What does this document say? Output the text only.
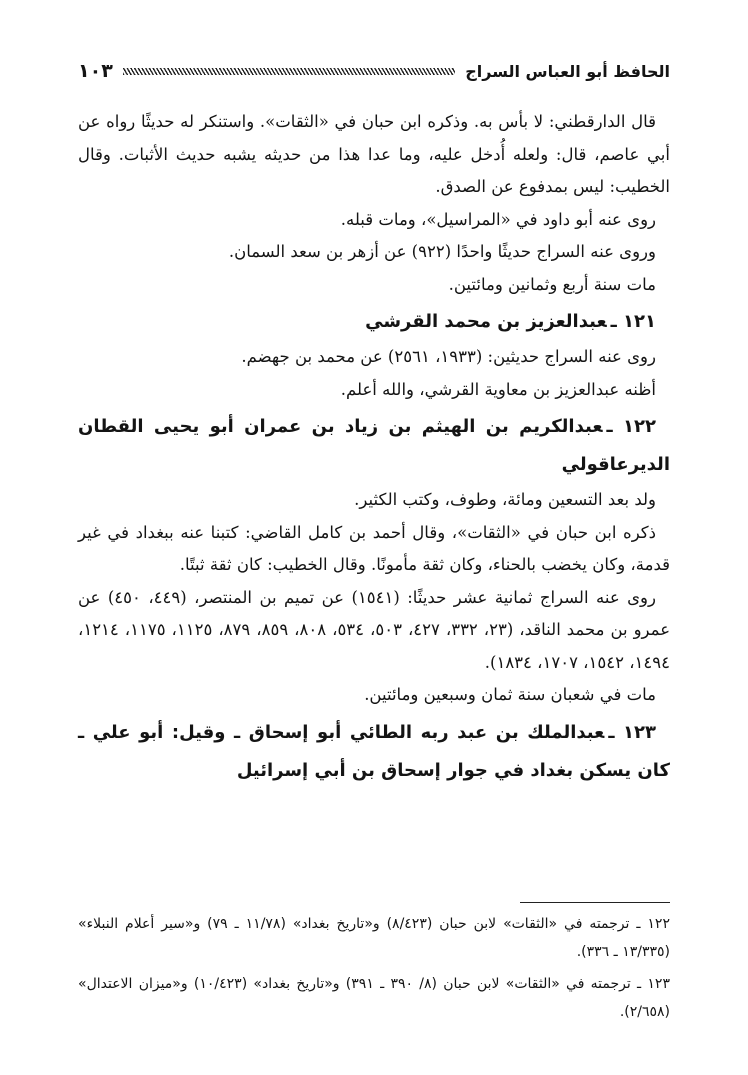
الحافظ أبو العباس السراج
١٠٣

قال الدارقطني: لا بأس به. وذكره ابن حبان في «الثقات». واستنكر له حديثًا رواه عن أبي عاصم، قال: ولعله أُدخل عليه، وما عدا هذا من حديثه يشبه حديث الأثبات. وقال الخطيب: ليس بمدفوع عن الصدق.

روى عنه أبو داود في «المراسيل»، ومات قبله.

وروى عنه السراج حديثًا واحدًا (٩٢٢) عن أزهر بن سعد السمان.

مات سنة أربع وثمانين ومائتين.

١٢١ ـعبدالعزيز بن محمد القرشي

روى عنه السراج حديثين: (١٩٣٣، ٢٥٦١) عن محمد بن جهضم.

أظنه عبدالعزيز بن معاوية القرشي، والله أعلم.

١٢٢ ـعبدالكريم بن الهيثم بن زياد بن عمران أبو يحيى القطان الديرعاقولي

ولد بعد التسعين ومائة، وطوف، وكتب الكثير.

ذكره ابن حبان في «الثقات»، وقال أحمد بن كامل القاضي: كتبنا عنه ببغداد في غير قدمة، وكان يخضب بالحناء، وكان ثقة مأمونًا. وقال الخطيب: كان ثقة ثبتًا.

روى عنه السراج ثمانية عشر حديثًا: (١٥٤١) عن تميم بن المنتصر، (٤٤٩، ٤٥٠) عن عمرو بن محمد الناقد، (٢٣، ٣٣٢، ٤٢٧، ٥٠٣، ٥٣٤، ٨٠٨، ٨٥٩، ٨٧٩، ١١٢٥، ١١٧٥، ١٢١٤، ١٤٩٤، ١٥٤٢، ١٧٠٧، ١٨٣٤).

مات في شعبان سنة ثمان وسبعين ومائتين.

١٢٣ ـعبدالملك بن عبد ربه الطائي أبو إسحاق ـ وقيل: أبو علي ـ كان يسكن بغداد في جوار إسحاق بن أبي إسرائيل

١٢٢ ـ ترجمته في «الثقات» لابن حبان (٨/٤٢٣) و«تاريخ بغداد» (١١/٧٨ ـ ٧٩) و«سير أعلام النبلاء» (١٣/٣٣٥ ـ ٣٣٦).

١٢٣ ـ ترجمته في «الثقات» لابن حبان (٨/ ٣٩٠ ـ ٣٩١) و«تاريخ بغداد» (١٠/٤٢٣) و«ميزان الاعتدال» (٢/٦٥٨).
